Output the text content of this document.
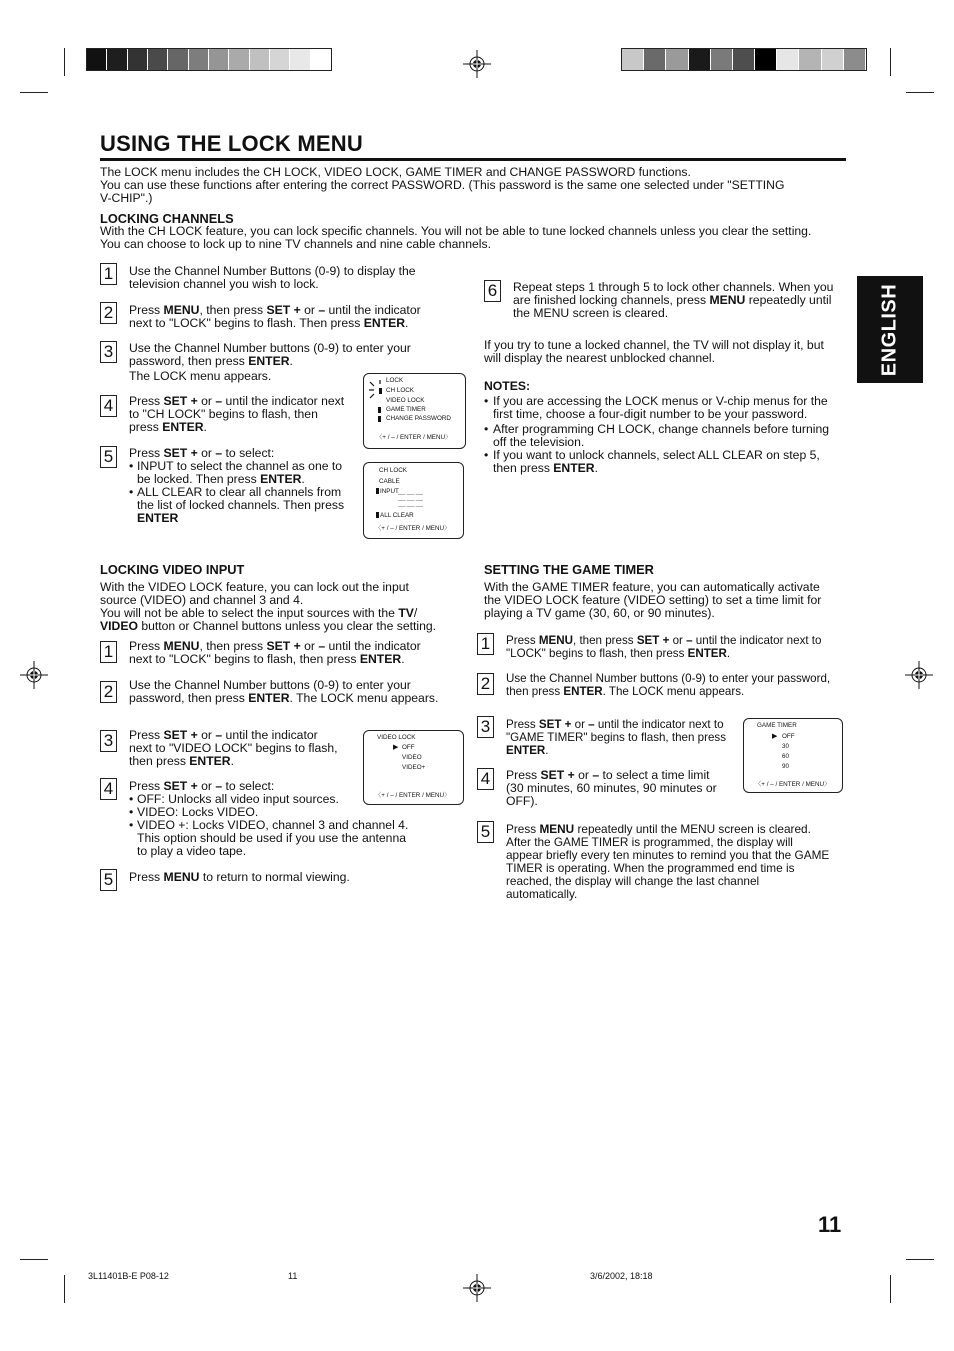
USING THE LOCK MENU
ENGLISH
The LOCK menu includes the CH LOCK, VIDEO LOCK, GAME TIMER and CHANGE PASSWORD functions.
You can use these functions after entering the correct PASSWORD. (This password is the same one selected under "SETTING
V-CHIP".)
LOCKING CHANNELS
With the CH LOCK feature, you can lock specific channels. You will not be able to tune locked channels unless you clear the setting.
You can choose to lock up to nine TV channels and nine cable channels.
1	Use the Channel Number Buttons (0-9) to display the
television channel you wish to lock.
2	Press MENU, then press SET + or – until the indicator
next to "LOCK" begins to flash. Then press ENTER.
3	Use the Channel Number buttons (0-9) to enter your
password, then press ENTER.
The LOCK menu appears.
4	Press SET + or – until the indicator next
to "CH LOCK" begins to flash, then
press ENTER.
5	Press SET + or – to select:
• INPUT to select the channel as one to
be locked. Then press ENTER.
• ALL CLEAR to clear all channels from
the list of locked channels. Then press
ENTER
LOCK
CH LOCK
VIDEO LOCK
GAME TIMER
CHANGE PASSWORD
〈+ / – / ENTER / MENU〉
CH LOCK
CABLE
INPUT ––– ––– –––
––– ––– –––
––– ––– –––
ALL CLEAR
〈+ / – / ENTER / MENU〉
6	Repeat steps 1 through 5 to lock other channels. When you
are finished locking channels, press MENU repeatedly until
the MENU screen is cleared.
If you try to tune a locked channel, the TV will not display it, but
will display the nearest unblocked channel.
NOTES:
• If you are accessing the LOCK menus or V-chip menus for the
first time, choose a four-digit number to be your password.
• After programming CH LOCK, change channels before turning
off the television.
• If you want to unlock channels, select ALL CLEAR on step 5,
then press ENTER.
LOCKING VIDEO INPUT
With the VIDEO LOCK feature, you can lock out the input
source (VIDEO) and channel 3 and 4.
You will not be able to select the input sources with the TV/
VIDEO button or Channel buttons unless you clear the setting.
1	Press MENU, then press SET + or – until the indicator
next to "LOCK" begins to flash, then press ENTER.
2	Use the Channel Number buttons (0-9) to enter your
password, then press ENTER. The LOCK menu appears.
3	Press SET + or – until the indicator
next to "VIDEO LOCK" begins to flash,
then press ENTER.
4	Press SET + or – to select:
• OFF: Unlocks all video input sources.
• VIDEO: Locks VIDEO.
• VIDEO +: Locks VIDEO, channel 3 and channel 4.
This option should be used if you use the antenna
to play a video tape.
5	Press MENU to return to normal viewing.
VIDEO LOCK
▶ OFF
VIDEO
VIDEO+
〈+ / – / ENTER / MENU〉
SETTING THE GAME TIMER
With the GAME TIMER feature, you can automatically activate
the VIDEO LOCK feature (VIDEO setting) to set a time limit for
playing a TV game (30, 60, or 90 minutes).
1	Press MENU, then press SET + or – until the indicator next to
"LOCK" begins to flash, then press ENTER.
2	Use the Channel Number buttons (0-9) to enter your password,
then press ENTER. The LOCK menu appears.
3	Press SET + or – until the indicator next to
"GAME TIMER" begins to flash, then press
ENTER.
4	Press SET + or – to select a time limit
(30 minutes, 60 minutes, 90 minutes or
OFF).
5	Press MENU repeatedly until the MENU screen is cleared.
After the GAME TIMER is programmed, the display will
appear briefly every ten minutes to remind you that the GAME
TIMER is operating. When the programmed end time is
reached, the display will change the last channel
automatically.
GAME TIMER
▶ OFF
30
60
90
〈+ / – / ENTER / MENU〉
11
3L11401B-E P08-12	11	3/6/2002, 18:18
